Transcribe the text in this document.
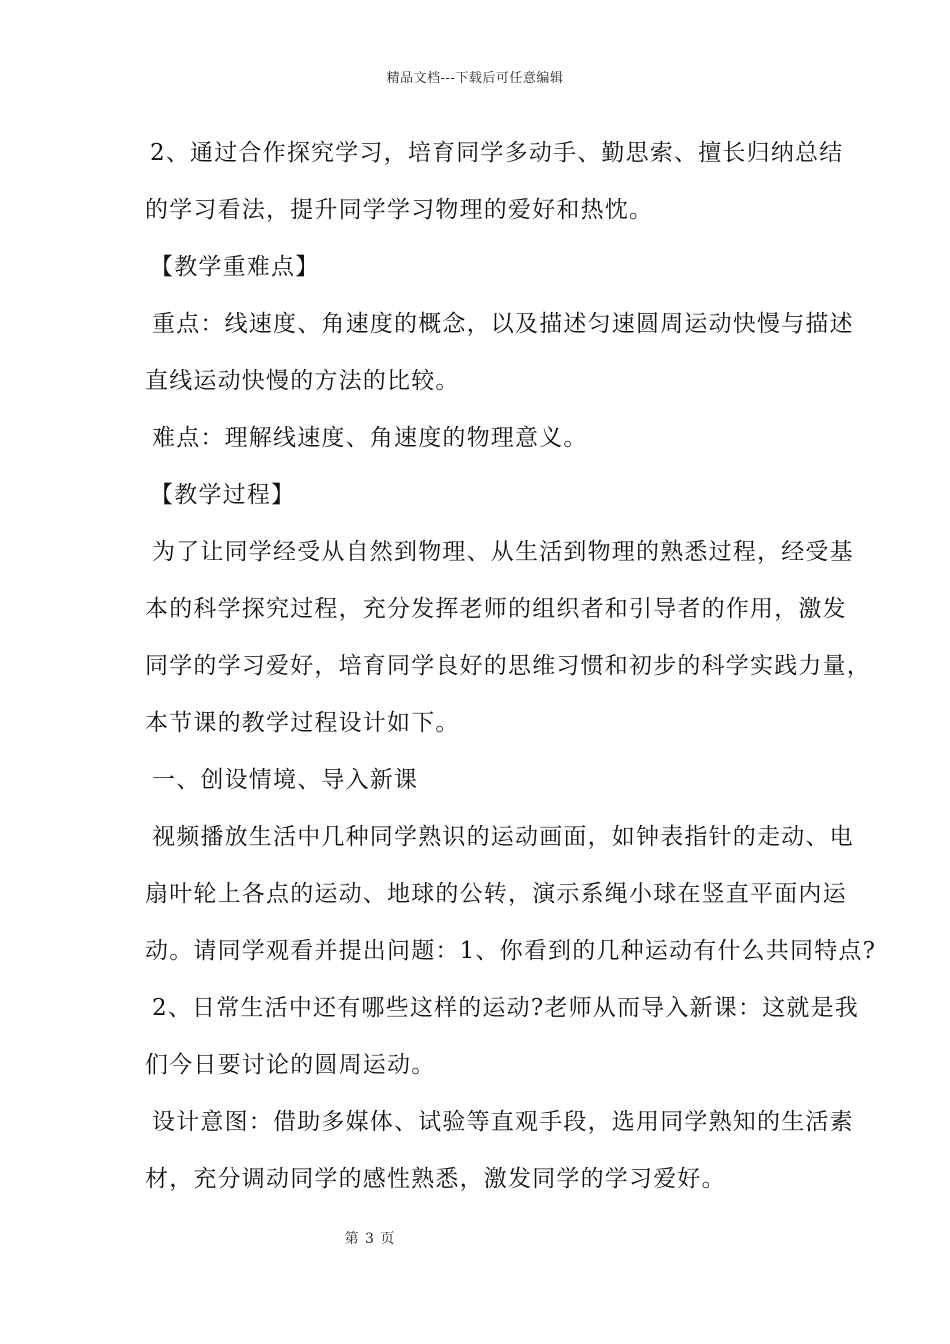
精品文档---下载后可任意编辑
2、通过合作探究学习，培育同学多动手、勤思索、擅长归纳总结
的学习看法，提升同学学习物理的爱好和热忱。
【教学重难点】
重点：线速度、角速度的概念，以及描述匀速圆周运动快慢与描述
直线运动快慢的方法的比较。
难点：理解线速度、角速度的物理意义。
【教学过程】
为了让同学经受从自然到物理、从生活到物理的熟悉过程，经受基
本的科学探究过程，充分发挥老师的组织者和引导者的作用，激发
同学的学习爱好，培育同学良好的思维习惯和初步的科学实践力量，
本节课的教学过程设计如下。
一、创设情境、导入新课
视频播放生活中几种同学熟识的运动画面，如钟表指针的走动、电
扇叶轮上各点的运动、地球的公转，演示系绳小球在竖直平面内运
动。请同学观看并提出问题：1、你看到的几种运动有什么共同特点?
2、日常生活中还有哪些这样的运动?老师从而导入新课：这就是我
们今日要讨论的圆周运动。
设计意图：借助多媒体、试验等直观手段，选用同学熟知的生活素
材，充分调动同学的感性熟悉，激发同学的学习爱好。
第 3 页
